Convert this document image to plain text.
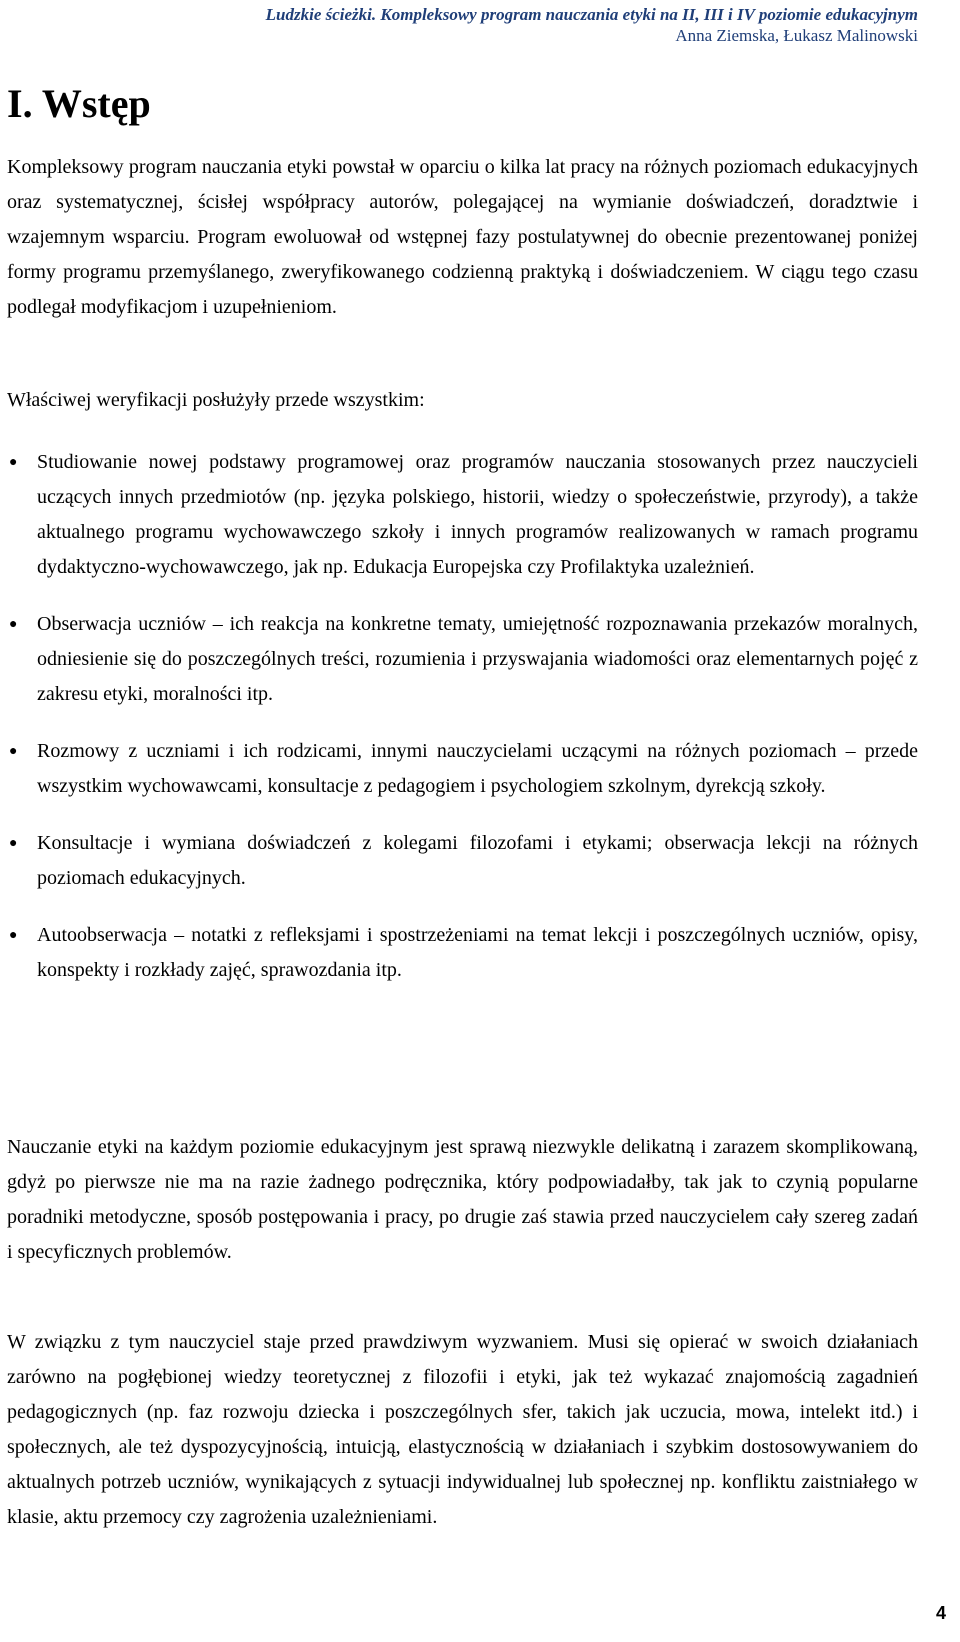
Ludzkie ścieżki. Kompleksowy program nauczania etyki na II, III i IV poziomie edukacyjnym
Anna Ziemska, Łukasz Malinowski
I. Wstęp

Kompleksowy program nauczania etyki powstał w oparciu o kilka lat pracy na różnych poziomach edukacyjnych oraz systematycznej, ścisłej współpracy autorów, polegającej na wymianie doświadczeń, doradztwie i wzajemnym wsparciu. Program ewoluował od wstępnej fazy postulatywnej do obecnie prezentowanej poniżej formy programu przemyślanego, zweryfikowanego codzienną praktyką i doświadczeniem. W ciągu tego czasu podlegał modyfikacjom i uzupełnieniom.

Właściwej weryfikacji posłużyły przede wszystkim:

● Studiowanie nowej podstawy programowej oraz programów nauczania stosowanych przez nauczycieli uczących innych przedmiotów (np. języka polskiego, historii, wiedzy o społeczeństwie, przyrody), a także aktualnego programu wychowawczego szkoły i innych programów realizowanych w ramach programu dydaktyczno-wychowawczego, jak np. Edukacja Europejska czy Profilaktyka uzależnień.
● Obserwacja uczniów – ich reakcja na konkretne tematy, umiejętność rozpoznawania przekazów moralnych, odniesienie się do poszczególnych treści, rozumienia i przyswajania wiadomości oraz elementarnych pojęć z zakresu etyki, moralności itp.
● Rozmowy z uczniami i ich rodzicami, innymi nauczycielami uczącymi na różnych poziomach – przede wszystkim wychowawcami, konsultacje z pedagogiem i psychologiem szkolnym, dyrekcją szkoły.
● Konsultacje i wymiana doświadczeń z kolegami filozofami i etykami; obserwacja lekcji na różnych poziomach edukacyjnych.
● Autoobserwacja – notatki z refleksjami i spostrzeżeniami na temat lekcji i poszczególnych uczniów, opisy, konspekty i rozkłady zajęć, sprawozdania itp.

Nauczanie etyki na każdym poziomie edukacyjnym jest sprawą niezwykle delikatną i zarazem skomplikowaną, gdyż po pierwsze nie ma na razie żadnego podręcznika, który podpowiadałby, tak jak to czynią popularne poradniki metodyczne, sposób postępowania i pracy, po drugie zaś stawia przed nauczycielem cały szereg zadań i specyficznych problemów.

W związku z tym nauczyciel staje przed prawdziwym wyzwaniem. Musi się opierać w swoich działaniach zarówno na pogłębionej wiedzy teoretycznej z filozofii i etyki, jak też wykazać znajomością zagadnień pedagogicznych (np. faz rozwoju dziecka i poszczególnych sfer, takich jak uczucia, mowa, intelekt itd.) i społecznych, ale też dyspozycyjnością, intuicją, elastycznością w działaniach i szybkim dostosowywaniem do aktualnych potrzeb uczniów, wynikających z sytuacji indywidualnej lub społecznej np. konfliktu zaistniałego w klasie, aktu przemocy czy zagrożenia uzależnieniami.

4
